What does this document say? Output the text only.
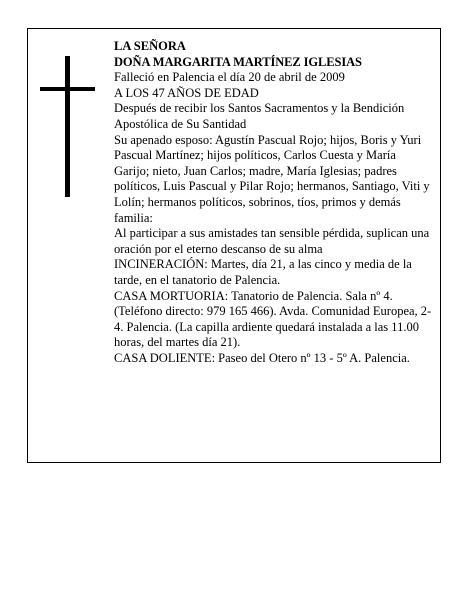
LA SEÑORA

DOÑA MARGARITA MARTÍNEZ IGLESIAS

Falleció en Palencia el día 20 de abril de 2009

A LOS 47 AÑOS DE EDAD

Después de recibir los Santos Sacramentos y la Bendición Apostólica de Su Santidad

Su apenado esposo: Agustín Pascual Rojo; hijos, Boris y Yuri Pascual Martínez; hijos políticos, Carlos Cuesta y María Garijo; nieto, Juan Carlos; madre, María Iglesias; padres políticos, Luis Pascual y Pilar Rojo; hermanos, Santiago, Viti y Lolín; hermanos políticos, sobrinos, tíos, primos y demás familia:

Al participar a sus amistades tan sensible pérdida, suplican una oración por el eterno descanso de su alma

INCINERACIÓN: Martes, día 21, a las cinco y media de la tarde, en el tanatorio de Palencia.

CASA MORTUORIA: Tanatorio de Palencia. Sala nº 4. (Teléfono directo: 979 165 466). Avda. Comunidad Europea, 2-4. Palencia. (La capilla ardiente quedará instalada a las 11.00 horas, del martes día 21).

CASA DOLIENTE: Paseo del Otero nº 13 - 5º A. Palencia.
